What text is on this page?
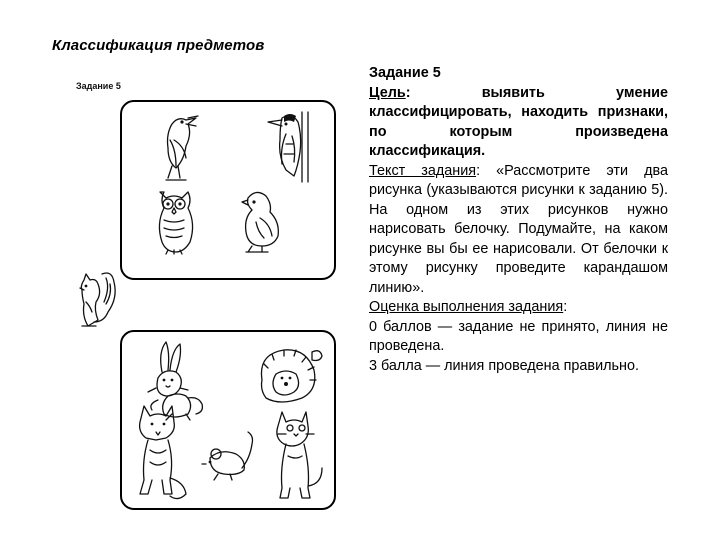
Классификация предметов
Задание 5

Задание 5

Цель: выявить умение классифицировать, находить признаки, по которым произведена классификация.

Текст задания: «Рассмотрите эти два рисунка (указываются рисунки к заданию 5). На одном из этих рисунков нужно нарисовать белочку. Подумайте, на каком рисунке вы бы ее нарисовали. От белочки к этому рисунку проведите карандашом линию».

Оценка выполнения задания:

0 баллов — задание не принято, линия не проведена.

3 балла — линия проведена правильно.
